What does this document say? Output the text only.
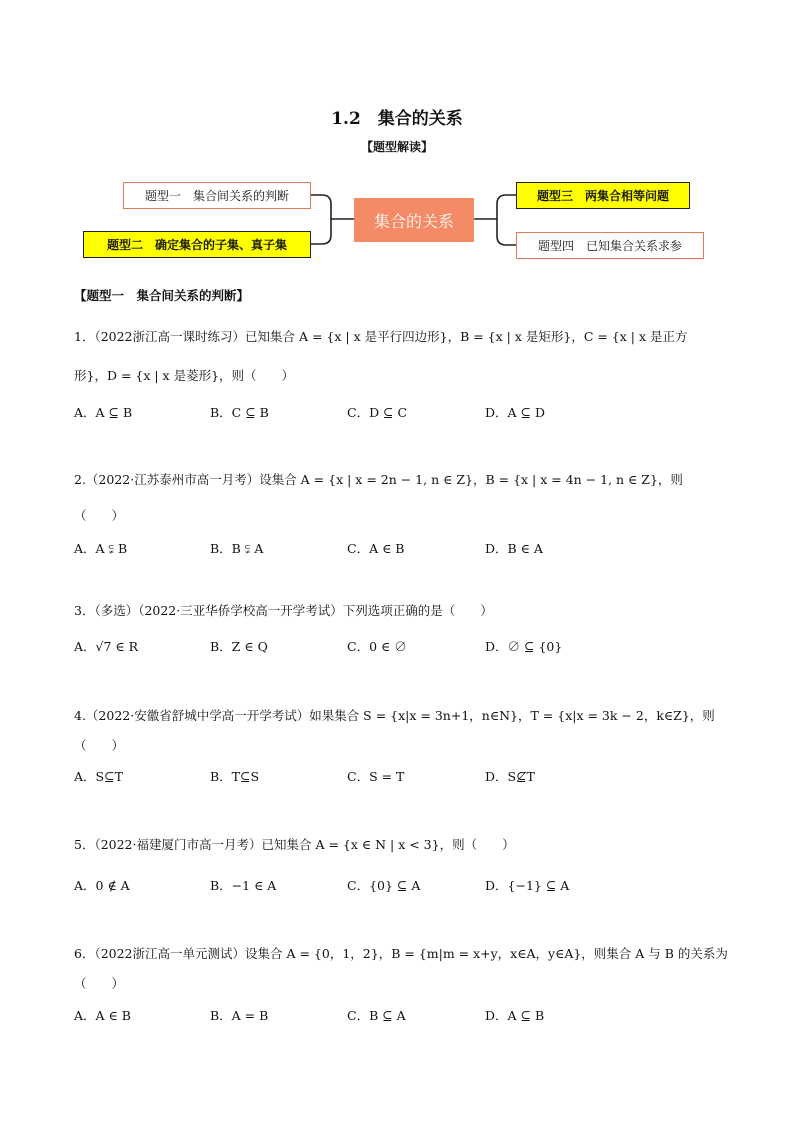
1.2　集合的关系
【题型解读】
题型一　集合间关系的判断
题型二　确定集合的子集、真子集
集合的关系
题型三　两集合相等问题
题型四　已知集合关系求参
【题型一　集合间关系的判断】
1．（2022浙江高一课时练习）已知集合 A = {x | x 是平行四边形}，B = {x | x 是矩形}，C = {x | x 是正方
形}，D = {x | x 是菱形}，则（　　）
A．A ⊆ B	B．C ⊆ B	C．D ⊆ C	D．A ⊆ D
2.（2022·江苏泰州市高一月考）设集合 A = {x | x = 2n − 1, n ∈ Z}，B = {x | x = 4n − 1, n ∈ Z}，则
（　　）
A．A ⫋ B	B．B ⫋ A	C．A ∈ B	D．B ∈ A
3．（多选）（2022·三亚华侨学校高一开学考试）下列选项正确的是（　　）
A．√7 ∈ R	B．Z ∈ Q	C．0 ∈ ∅	D．∅ ⊆ {0}
4.（2022·安徽省舒城中学高一开学考试）如果集合 S = {x|x = 3n+1，n∈N}，T = {x|x = 3k − 2，k∈Z}，则
（　　）
A．S⊆T	B．T⊆S	C．S = T	D．S⊈T
5．（2022·福建厦门市高一月考）已知集合 A = {x ∈ N | x < 3}，则（　　）
A．0 ∉ A	B．−1 ∈ A	C．{0} ⊆ A	D．{−1} ⊆ A
6．（2022浙江高一单元测试）设集合 A = {0，1，2}，B = {m|m = x+y，x∈A，y∈A}，则集合 A 与 B 的关系为
（　　）
A．A ∈ B	B．A = B	C．B ⊆ A	D．A ⊆ B
